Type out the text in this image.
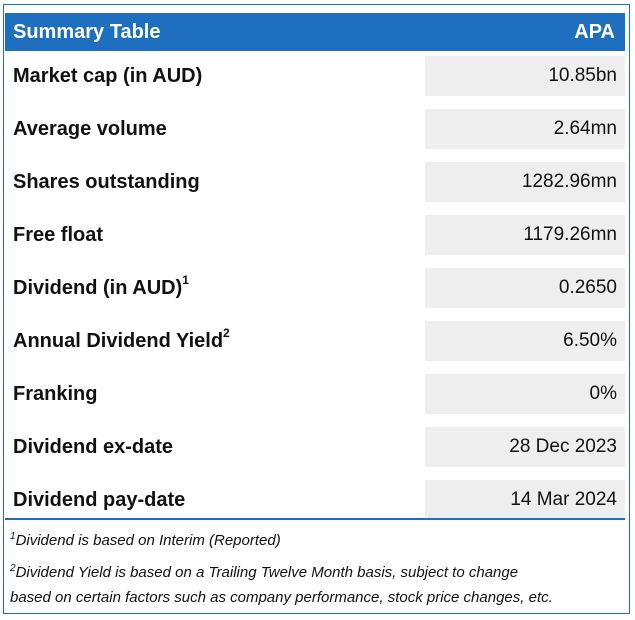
Summary Table	APA
Market cap (in AUD)	10.85bn
Average volume	2.64mn
Shares outstanding	1282.96mn
Free float	1179.26mn
Dividend (in AUD)$^1$	0.2650
Annual Dividend Yield$^2$	6.50%
Franking	0%
Dividend ex-date	28 Dec 2023
Dividend pay-date	14 Mar 2024
$^1$Dividend is based on Interim (Reported)
$^2$Dividend Yield is based on a Trailing Twelve Month basis, subject to change
based on certain factors such as company performance, stock price changes, etc.
